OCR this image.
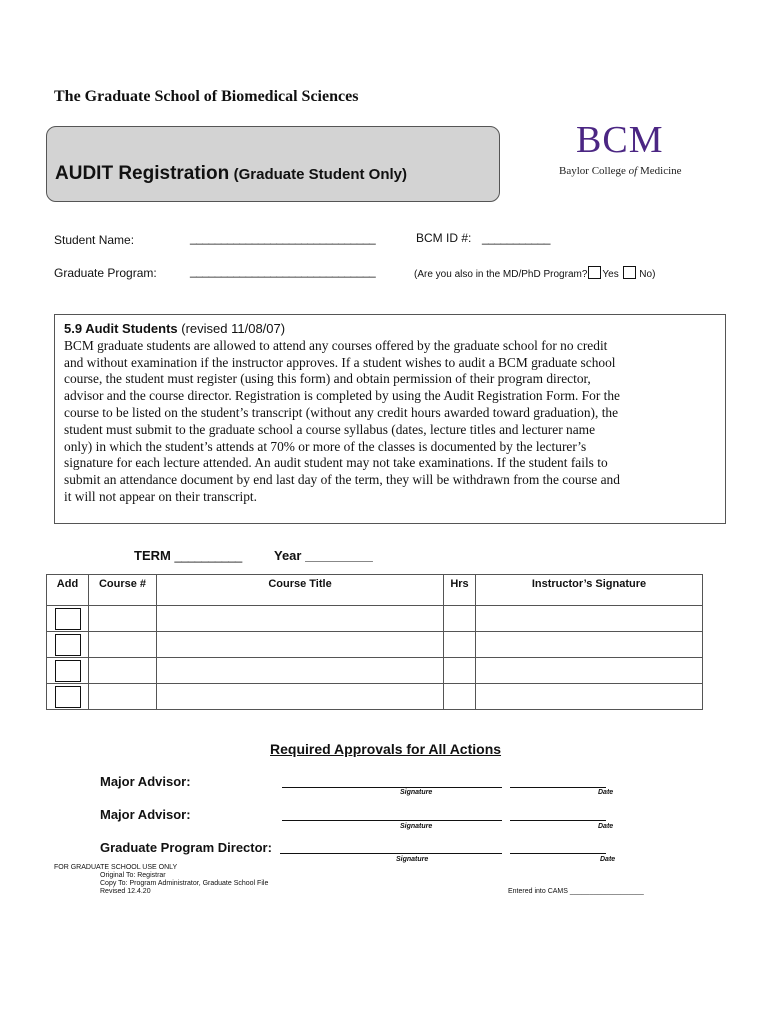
The Graduate School of Biomedical Sciences
AUDIT Registration (Graduate Student Only)
BCM
Baylor College of Medicine
Student Name:	______________________________	BCM ID #: ___________
Graduate Program:	______________________________	(Are you also in the MD/PhD Program? Yes No)
5.9 Audit Students (revised 11/08/07)
BCM graduate students are allowed to attend any courses offered by the graduate school for no credit
and without examination if the instructor approves. If a student wishes to audit a BCM graduate school
course, the student must register (using this form) and obtain permission of their program director,
advisor and the course director. Registration is completed by using the Audit Registration Form. For the
course to be listed on the student’s transcript (without any credit hours awarded toward graduation), the
student must submit to the graduate school a course syllabus (dates, lecture titles and lecturer name
only) in which the student’s attends at 70% or more of the classes is documented by the lecturer’s
signature for each lecture attended. An audit student may not take examinations. If the student fails to
submit an attendance document by end last day of the term, they will be withdrawn from the course and
it will not appear on their transcript.
TERM __________ Year __________
Add	Course #	Course Title	Hrs	Instructor’s Signature

Required Approvals for All Actions
Major Advisor:
Signature	Date
Major Advisor:
Signature	Date
Graduate Program Director:
Signature	Date
FOR GRADUATE SCHOOL USE ONLY
Original To: Registrar
Copy To: Program Administrator, Graduate School File
Revised 12.4.20	Entered into CAMS ___________________
